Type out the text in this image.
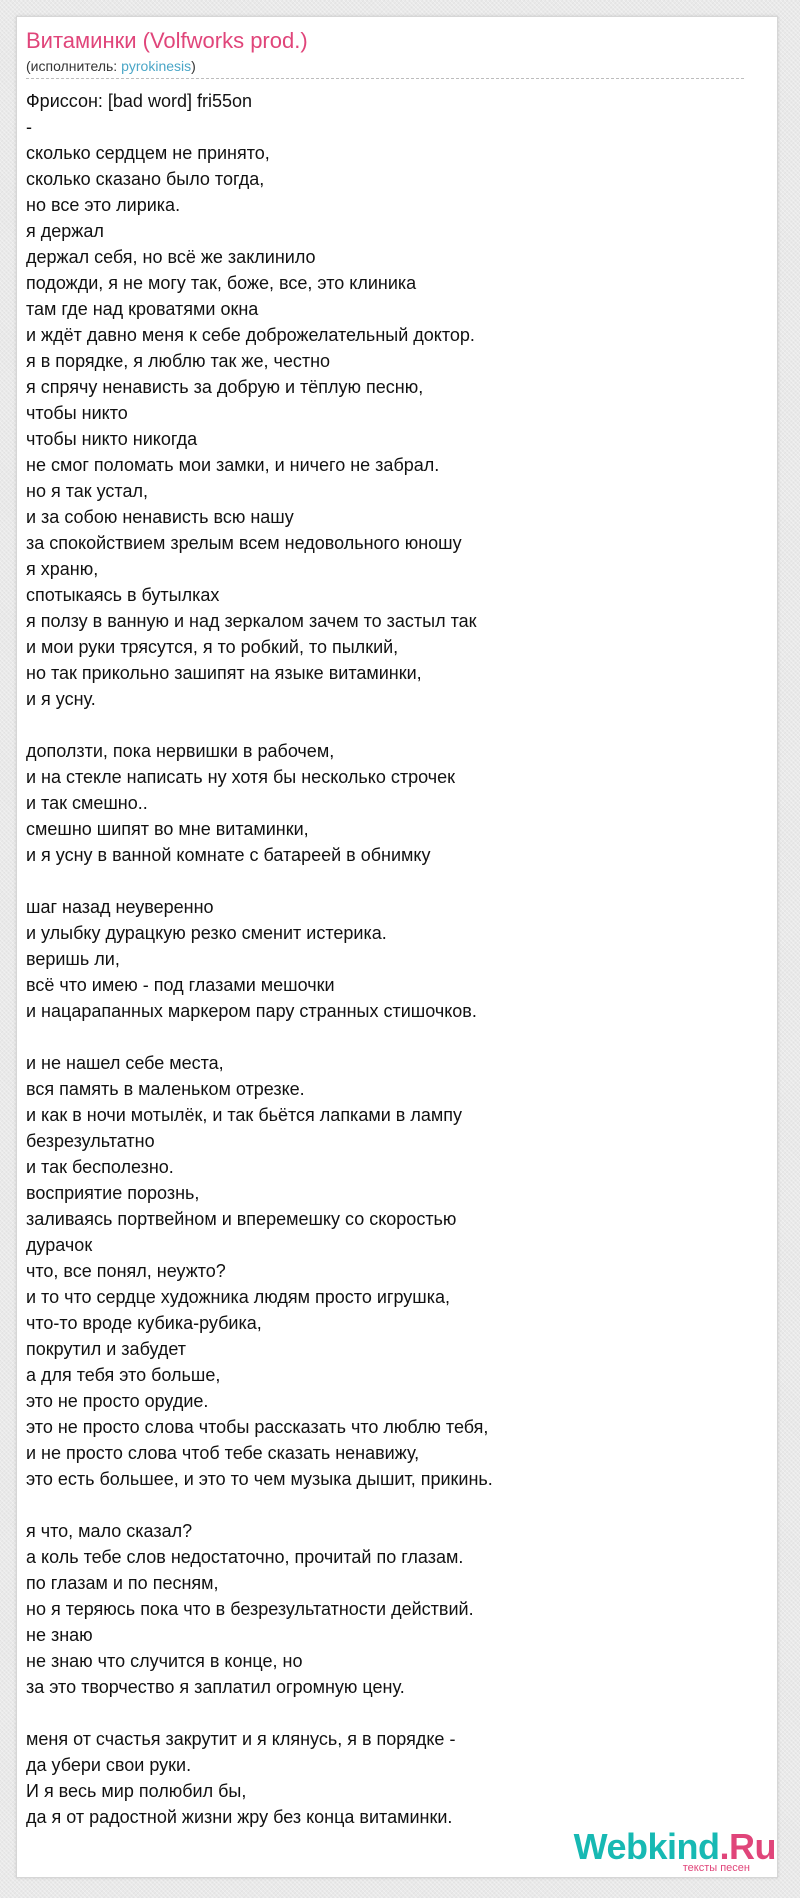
Витаминки (Volfworks prod.)
(исполнитель: pyrokinesis)
Фриссон: [bad word] fri55on
-
сколько сердцем не принято,
сколько сказано было тогда,
но все это лирика.
я держал
держал себя, но всё же заклинило
подожди, я не могу так, боже, все, это клиника
там где над кроватями окна
и ждёт давно меня к себе доброжелательный доктор.
я в порядке, я люблю так же, честно
я спрячу ненависть за добрую и тёплую песню,
чтобы никто
чтобы никто никогда
не смог поломать мои замки, и ничего не забрал.
но я так устал,
и за собою ненависть всю нашу
за спокойствием зрелым всем недовольного юношу
я храню,
спотыкаясь в бутылках
я ползу в ванную и над зеркалом зачем то застыл так
и мои руки трясутся, я то робкий, то пылкий,
но так прикольно зашипят на языке витаминки,
и я усну.
доползти, пока нервишки в рабочем,
и на стекле написать ну хотя бы несколько строчек
и так смешно..
смешно шипят во мне витаминки,
и я усну в ванной комнате с батареей в обнимку
шаг назад неуверенно
и улыбку дурацкую резко сменит истерика.
веришь ли,
всё что имею - под глазами мешочки
и нацарапанных маркером пару странных стишочков.
и не нашел себе места,
вся память в маленьком отрезке.
и как в ночи мотылёк, и так бьётся лапками в лампу
безрезультатно
и так бесполезно.
восприятие порознь,
заливаясь портвейном и вперемешку со скоростью
дурачок
что, все понял, неужто?
и то что сердце художника людям просто игрушка,
что-то вроде кубика-рубика,
покрутил и забудет
а для тебя это больше,
это не просто орудие.
это не просто слова чтобы рассказать что люблю тебя,
и не просто слова чтоб тебе сказать ненавижу,
это есть большее, и это то чем музыка дышит, прикинь.
я что, мало сказал?
а коль тебе слов недостаточно, прочитай по глазам.
по глазам и по песням,
но я теряюсь пока что в безрезультатности действий.
не знаю
не знаю что случится в конце, но
за это творчество я заплатил огромную цену.
меня от счастья закрутит и я клянусь, я в порядке -
да убери свои руки.
И я весь мир полюбил бы,
да я от радостной жизни жру без конца витаминки.
Webkind.Ru
тексты песен
